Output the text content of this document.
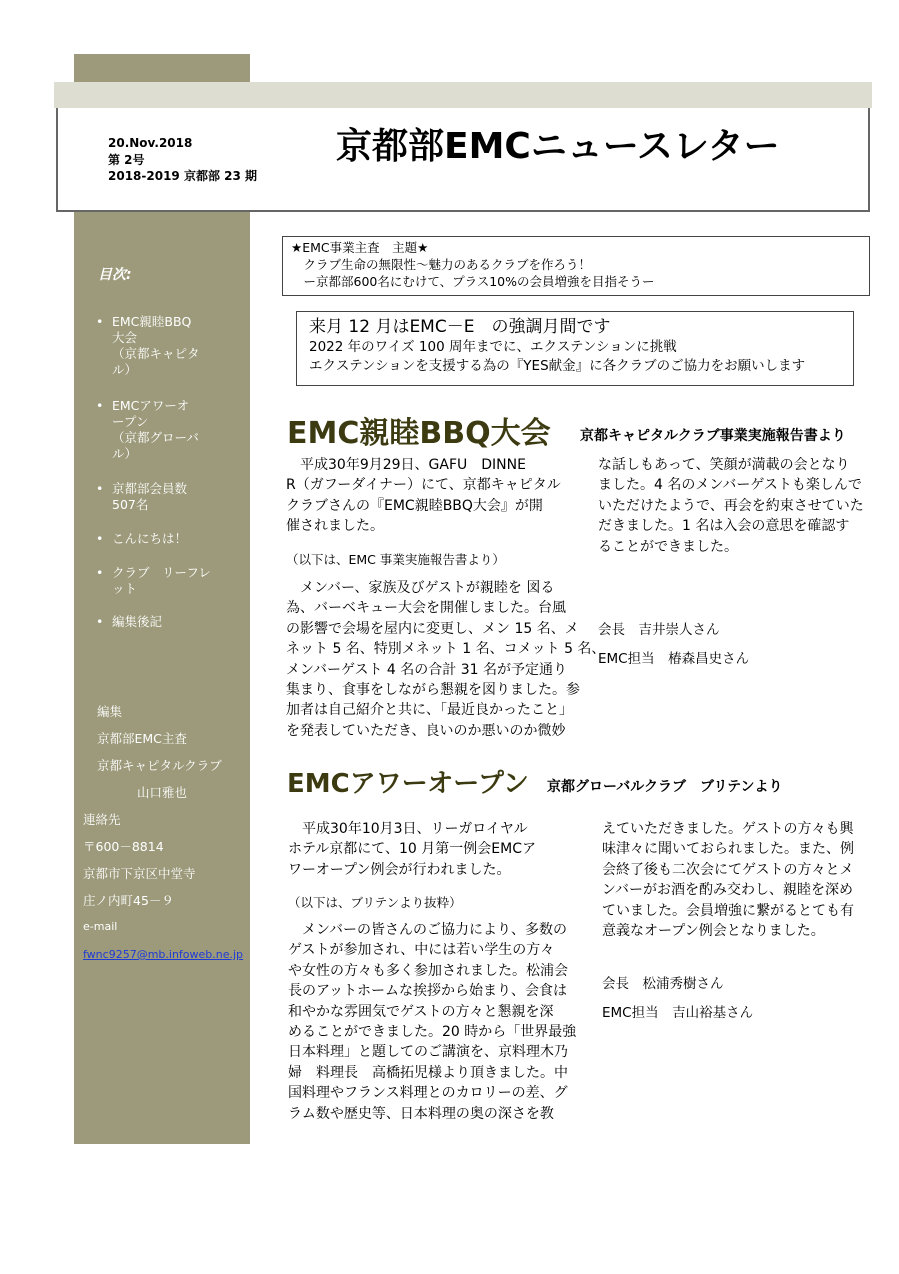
20.Nov.2018
第 2号
2018-2019 京都部 23 期
京都部EMCニュースレター
目次:
• EMC親睦BBQ
大会
（京都キャピタ
ル）
• EMCアワーオ
ープン
（京都グローバ
ル）
• 京都部会員数
507名
• こんにちは！
• クラブ　リーフレ
ット
• 編集後記
編集
京都部EMC主査
京都キャピタルクラブ
山口雅也
連絡先
〒600－8814
京都市下京区中堂寺
庄ノ内町45－９
e-mail
fwnc9257@mb.infoweb.ne.jp
★EMC事業主査　主題★
　クラブ生命の無限性～魅力のあるクラブを作ろう！
　ー京都部600名にむけて、プラス10%の会員増強を目指そうー
来月 12 月はEMC－E　の強調月間です
2022 年のワイズ 100 周年までに、エクステンションに挑戦
エクステンションを支援する為の『YES献金』に各クラブのご協力をお願いします
EMC親睦BBQ大会 京都キャピタルクラブ事業実施報告書より
　平成30年9月29日、GAFU　DINNE
R（ガフーダイナー）にて、京都キャピタル
クラブさんの『EMC親睦BBQ大会』が開
催されました。
（以下は、EMC 事業実施報告書より）
　メンバー、家族及びゲストが親睦を 図る
為、バーベキュー大会を開催しました。台風
の影響で会場を屋内に変更し、メン 15 名、メ
ネット 5 名、特別メネット 1 名、コメット 5 名、
メンバーゲスト 4 名の合計 31 名が予定通り
集まり、食事をしながら懇親を図りました。参
加者は自己紹介と共に、「最近良かったこと」
を発表していただき、良いのか悪いのか微妙
な話しもあって、笑顔が満載の会となり
ました。4 名のメンバーゲストも楽しんで
いただけたようで、再会を約束させていた
だきました。1 名は入会の意思を確認す
ることができました。
会長　吉井崇人さん
EMC担当　椿森昌史さん
EMCアワーオープン 京都グローバルクラブ　ブリテンより
　平成30年10月3日、リーガロイヤル
ホテル京都にて、10 月第一例会EMCア
ワーオープン例会が行われました。
（以下は、ブリテンより抜粋）
　メンバーの皆さんのご協力により、多数の
ゲストが参加され、中には若い学生の方々
や女性の方々も多く参加されました。松浦会
長のアットホームな挨拶から始まり、会食は
和やかな雰囲気でゲストの方々と懇親を深
めることができました。20 時から「世界最強
日本料理」と題してのご講演を、京料理木乃
婦　料理長　高橋拓児様より頂きました。中
国料理やフランス料理とのカロリーの差、グ
ラム数や歴史等、日本料理の奥の深さを教
えていただきました。ゲストの方々も興
味津々に聞いておられました。また、例
会終了後も二次会にてゲストの方々とメ
ンバーがお酒を酌み交わし、親睦を深め
ていました。会員増強に繋がるとても有
意義なオープン例会となりました。
会長　松浦秀樹さん
EMC担当　吉山裕基さん
